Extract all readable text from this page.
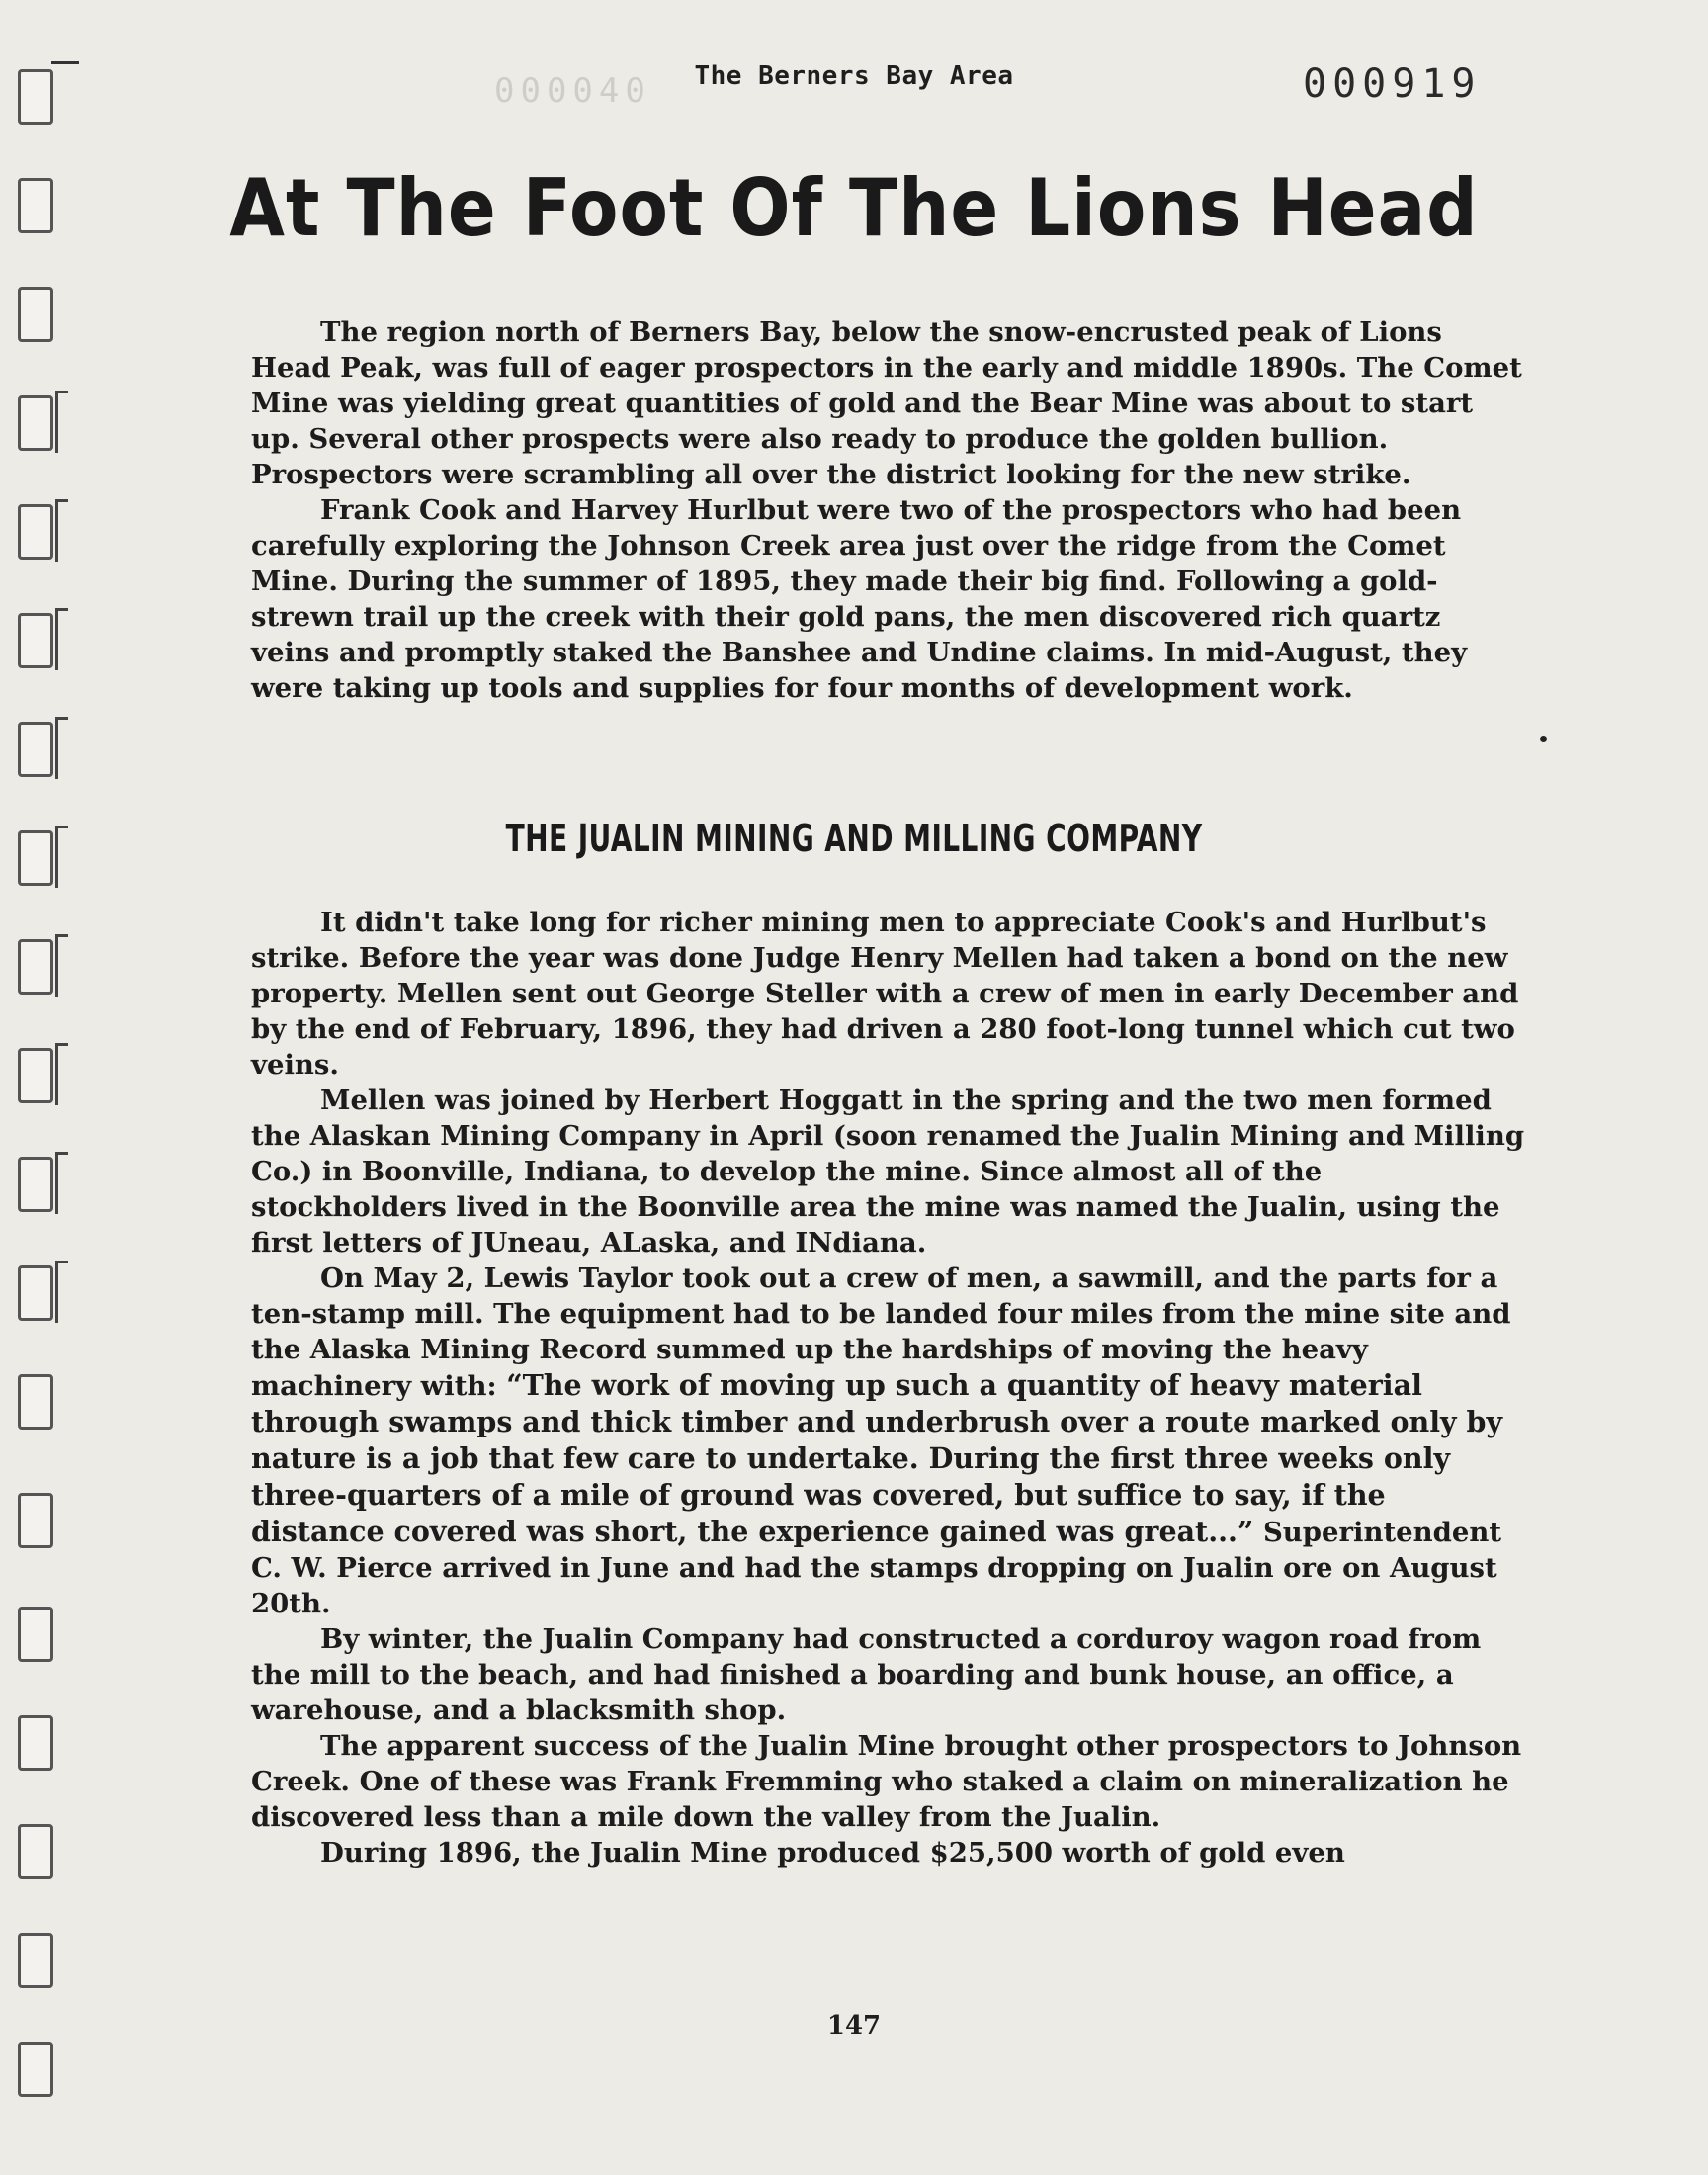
000040	The Berners Bay Area	000919
At The Foot Of The Lions Head

The region north of Berners Bay, below the snow-encrusted peak of Lions Head Peak, was full of eager prospectors in the early and middle 1890s. The Comet Mine was yielding great quantities of gold and the Bear Mine was about to start up. Several other prospects were also ready to produce the golden bullion. Prospectors were scrambling all over the district looking for the new strike.

Frank Cook and Harvey Hurlbut were two of the prospectors who had been carefully exploring the Johnson Creek area just over the ridge from the Comet Mine. During the summer of 1895, they made their big find. Following a gold-strewn trail up the creek with their gold pans, the men discovered rich quartz veins and promptly staked the Banshee and Undine claims. In mid-August, they were taking up tools and supplies for four months of development work.

THE JUALIN MINING AND MILLING COMPANY

It didn't take long for richer mining men to appreciate Cook's and Hurlbut's strike. Before the year was done Judge Henry Mellen had taken a bond on the new property. Mellen sent out George Steller with a crew of men in early December and by the end of February, 1896, they had driven a 280 foot-long tunnel which cut two veins.

Mellen was joined by Herbert Hoggatt in the spring and the two men formed the Alaskan Mining Company in April (soon renamed the Jualin Mining and Milling Co.) in Boonville, Indiana, to develop the mine. Since almost all of the stockholders lived in the Boonville area the mine was named the Jualin, using the first letters of JUneau, ALaska, and INdiana.

On May 2, Lewis Taylor took out a crew of men, a sawmill, and the parts for a ten-stamp mill. The equipment had to be landed four miles from the mine site and the Alaska Mining Record summed up the hardships of moving the heavy machinery with: “The work of moving up such a quantity of heavy material through swamps and thick timber and underbrush over a route marked only by nature is a job that few care to undertake. During the first three weeks only three-quarters of a mile of ground was covered, but suffice to say, if the distance covered was short, the experience gained was great...” Superintendent C. W. Pierce arrived in June and had the stamps dropping on Jualin ore on August 20th.

By winter, the Jualin Company had constructed a corduroy wagon road from the mill to the beach, and had finished a boarding and bunk house, an office, a warehouse, and a blacksmith shop.

The apparent success of the Jualin Mine brought other prospectors to Johnson Creek. One of these was Frank Fremming who staked a claim on mineralization he discovered less than a mile down the valley from the Jualin.

During 1896, the Jualin Mine produced $25,500 worth of gold even

147
